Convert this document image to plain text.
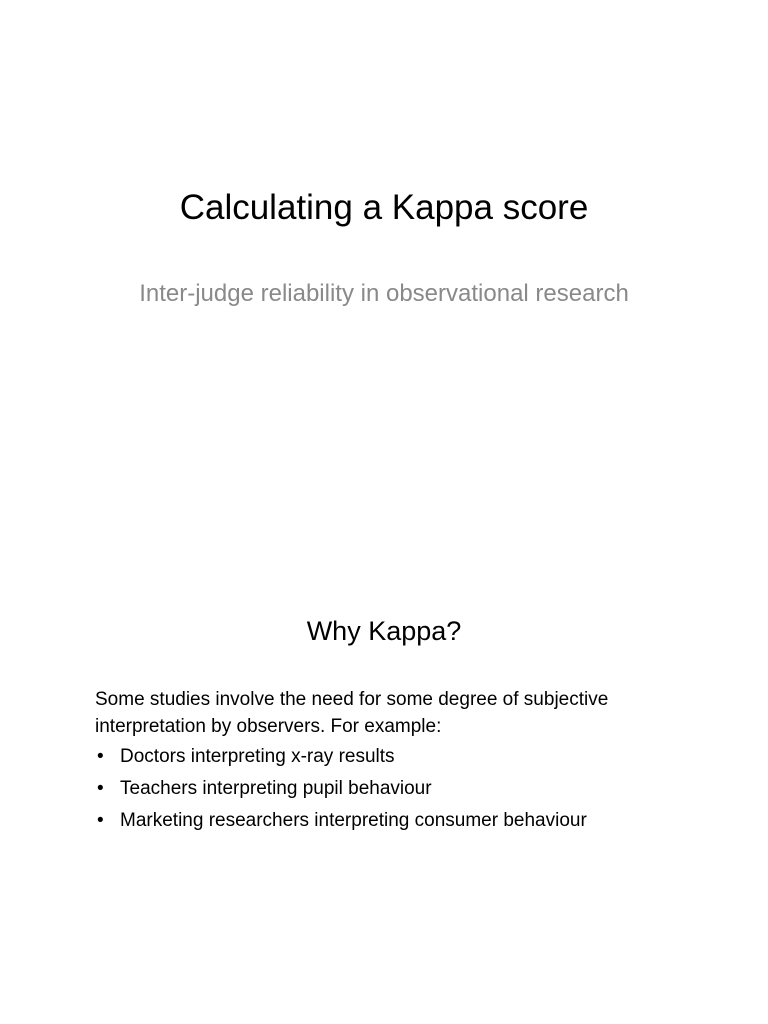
Calculating a Kappa score

Inter-judge reliability in observational research

Why Kappa?

Some studies involve the need for some degree of subjective interpretation by observers. For example:

• Doctors interpreting x-ray results
• Teachers interpreting pupil behaviour
• Marketing researchers interpreting consumer behaviour
